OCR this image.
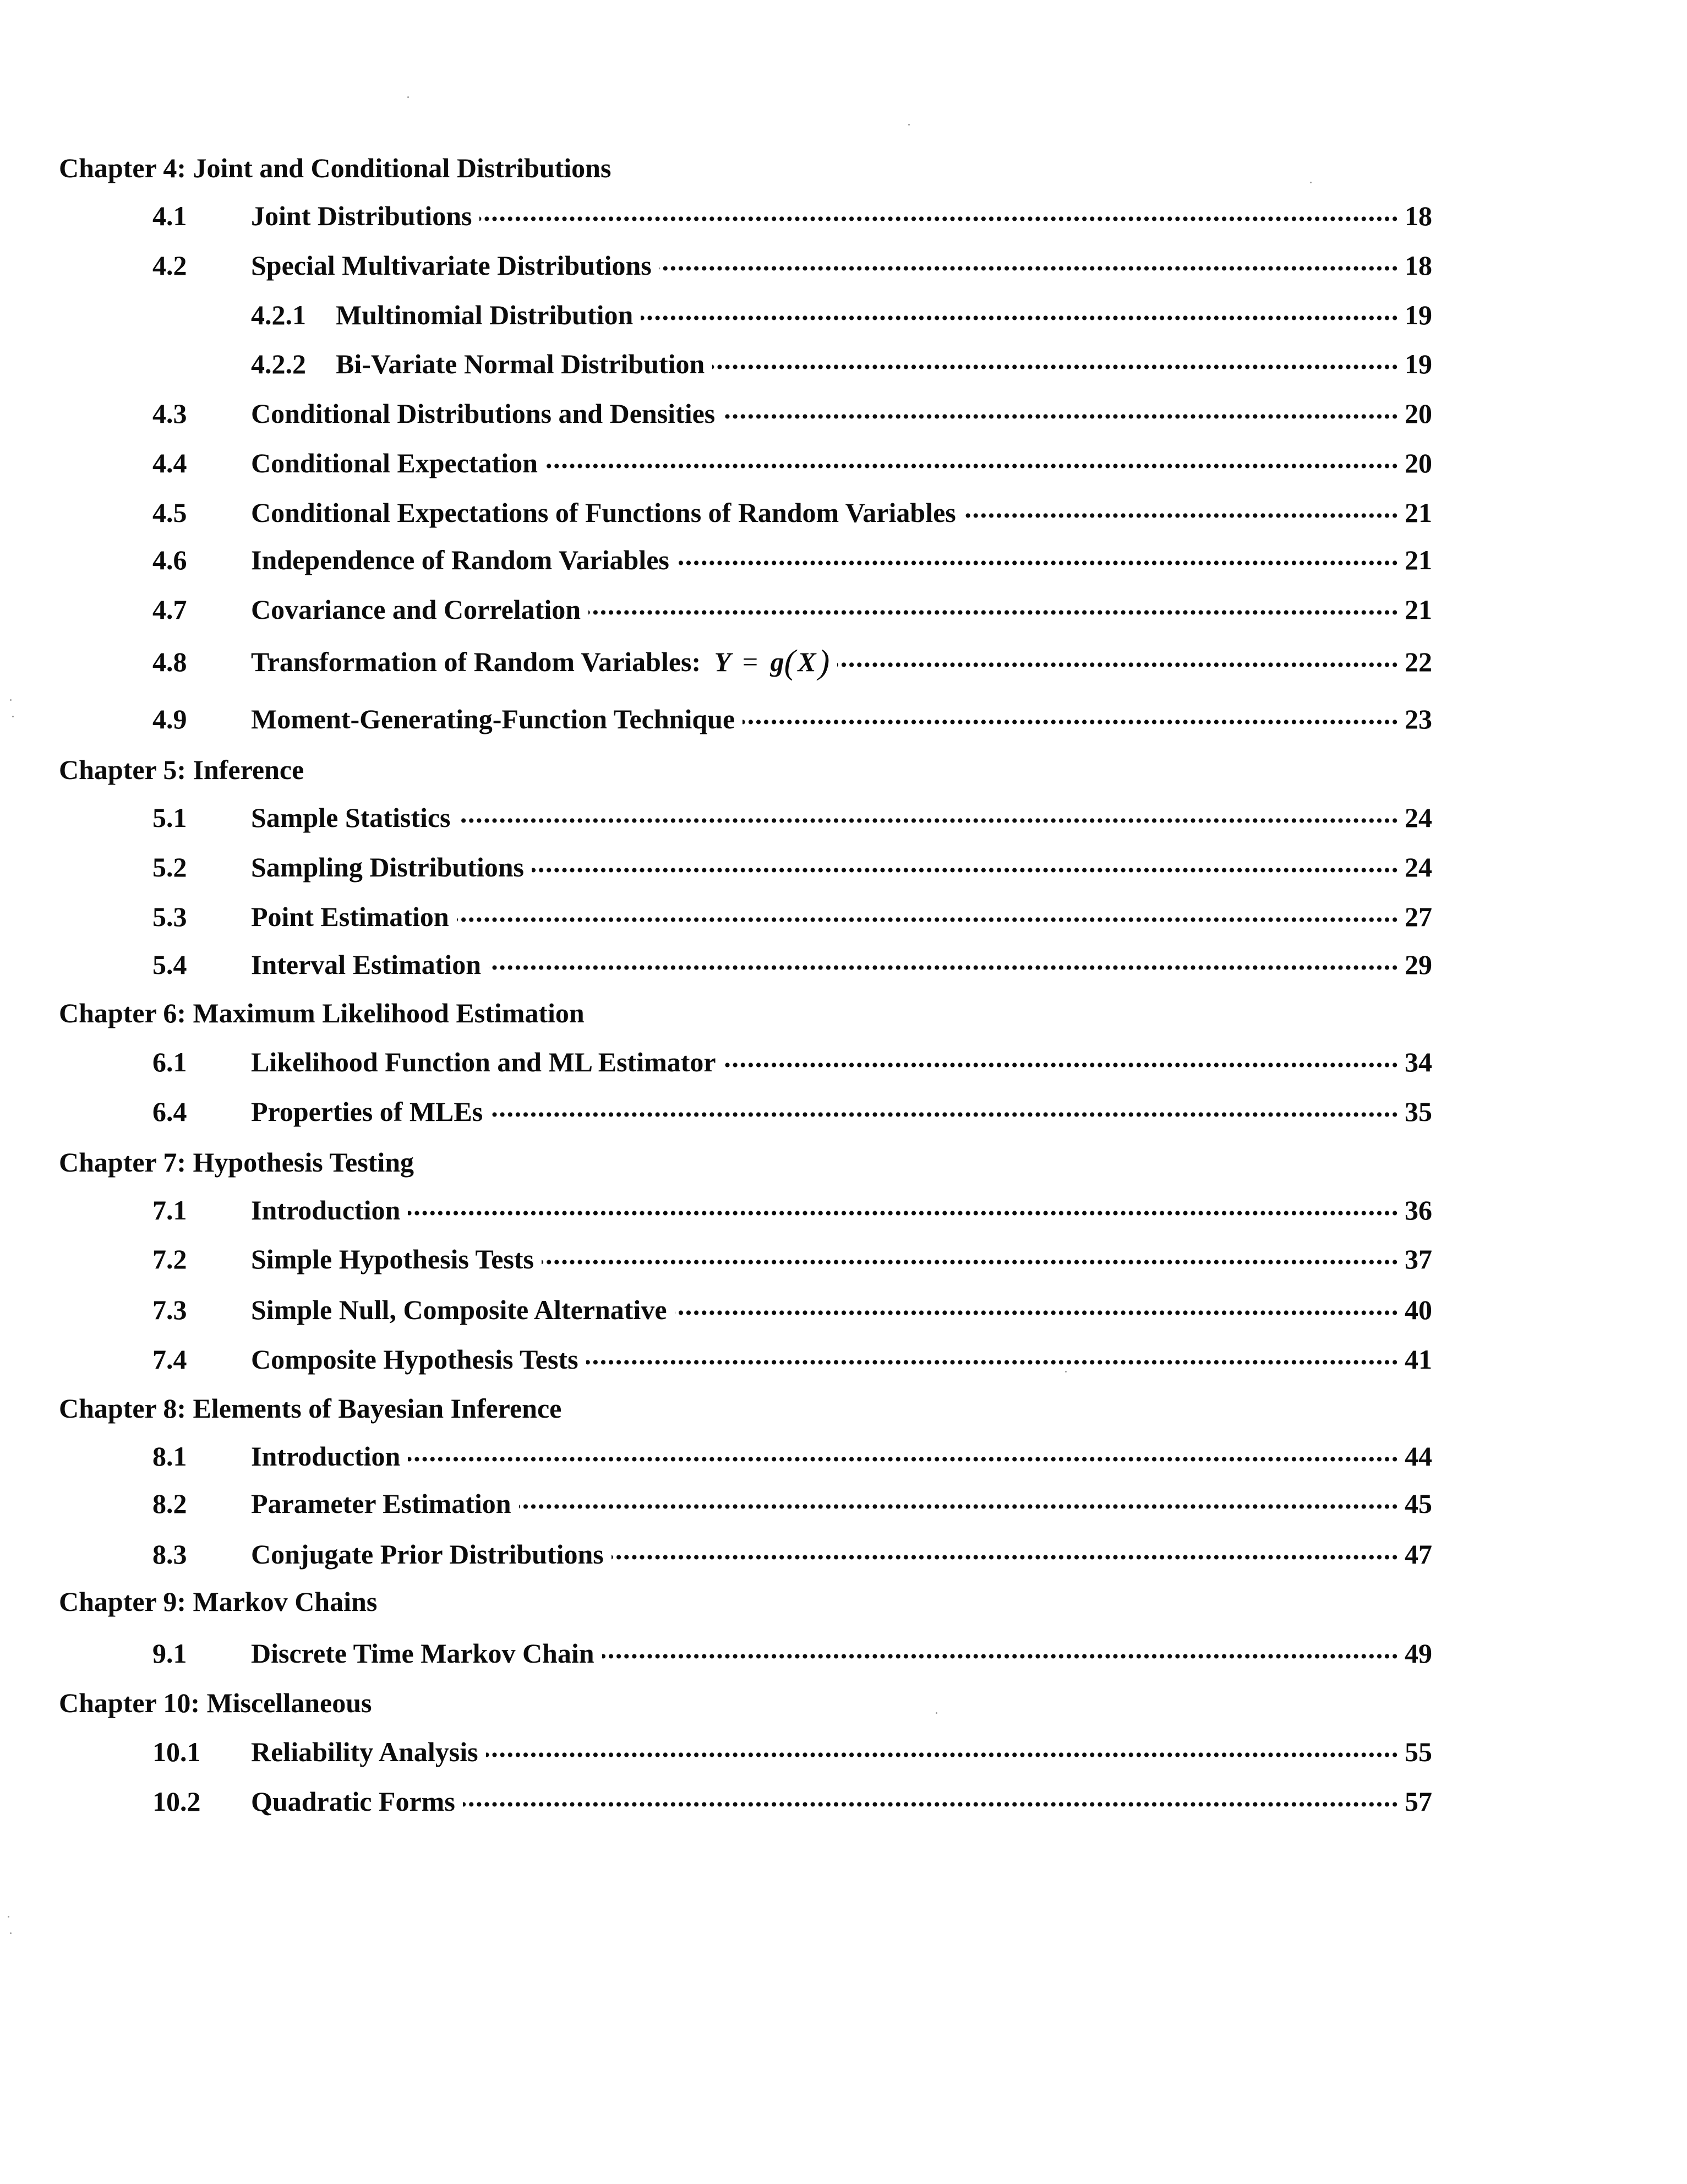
Chapter 4: Joint and Conditional Distributions
4.1 Joint Distributions .....	18
4.2 Special Multivariate Distributions .....	18
4.2.1 Multinomial Distribution .....	19
4.2.2 Bi-Variate Normal Distribution .....	19
4.3 Conditional Distributions and Densities .....	20
4.4 Conditional Expectation .....	20
4.5 Conditional Expectations of Functions of Random Variables .....	21
4.6 Independence of Random Variables .....	21
4.7 Covariance and Correlation .....	21
4.8 Transformation of Random Variables: Y = g(X) .....	22
4.9 Moment-Generating-Function Technique .....	23
Chapter 5: Inference
5.1 Sample Statistics .....	24
5.2 Sampling Distributions .....	24
5.3 Point Estimation .....	27
5.4 Interval Estimation .....	29
Chapter 6: Maximum Likelihood Estimation
6.1 Likelihood Function and ML Estimator .....	34
6.4 Properties of MLEs .....	35
Chapter 7: Hypothesis Testing
7.1 Introduction .....	36
7.2 Simple Hypothesis Tests .....	37
7.3 Simple Null, Composite Alternative .....	40
7.4 Composite Hypothesis Tests .....	41
Chapter 8: Elements of Bayesian Inference
8.1 Introduction .....	44
8.2 Parameter Estimation .....	45
8.3 Conjugate Prior Distributions .....	47
Chapter 9: Markov Chains
9.1 Discrete Time Markov Chain .....	49
Chapter 10: Miscellaneous
10.1 Reliability Analysis .....	55
10.2 Quadratic Forms .....	57
